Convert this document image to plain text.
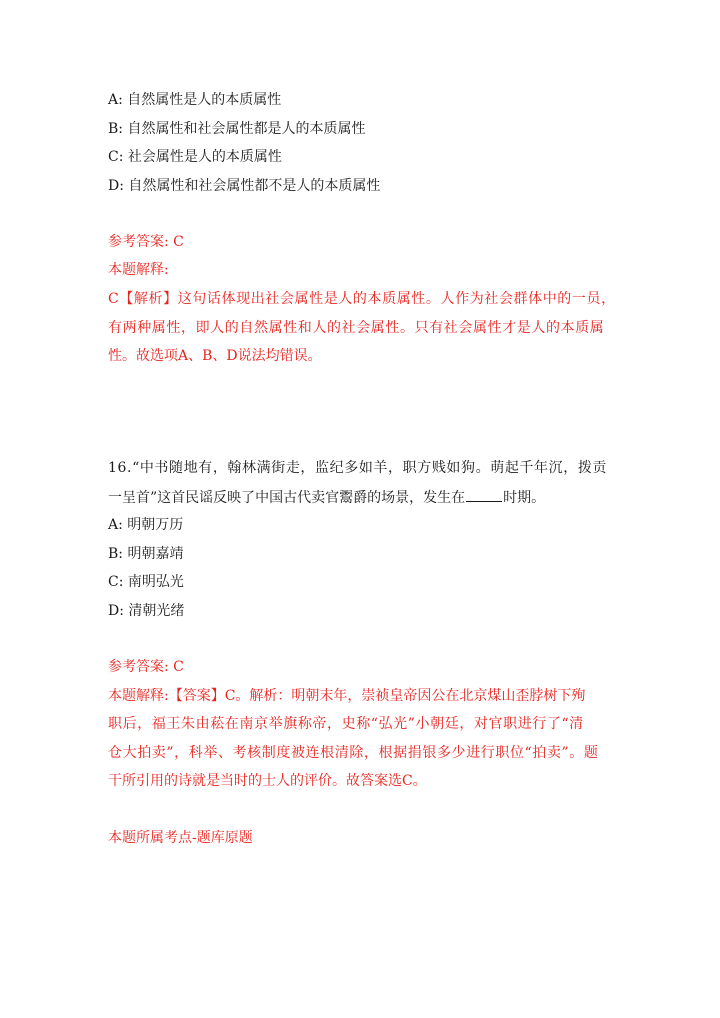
A: 自然属性是人的本质属性
B: 自然属性和社会属性都是人的本质属性
C: 社会属性是人的本质属性
D: 自然属性和社会属性都不是人的本质属性
参考答案: C
本题解释:
C【解析】这句话体现出社会属性是人的本质属性。人作为社会群体中的一员，
有两种属性，即人的自然属性和人的社会属性。只有社会属性才是人的本质属
性。故选项A、B、D说法均错误。
16.“中书随地有，翰林满街走，监纪多如羊，职方贱如狗。萌起千年沉，拨贡
一呈首”这首民谣反映了中国古代卖官鬻爵的场景，发生在	时期。
A: 明朝万历
B: 明朝嘉靖
C: 南明弘光
D: 清朝光绪
参考答案: C
本题解释:【答案】C。解析：明朝末年，崇祯皇帝因公在北京煤山歪脖树下殉
职后，福王朱由菘在南京举旗称帝，史称“弘光”小朝廷，对官职进行了“清
仓大拍卖”，科举、考核制度被连根清除，根据捐银多少进行职位“拍卖”。题
干所引用的诗就是当时的士人的评价。故答案选C。
本题所属考点-题库原题
